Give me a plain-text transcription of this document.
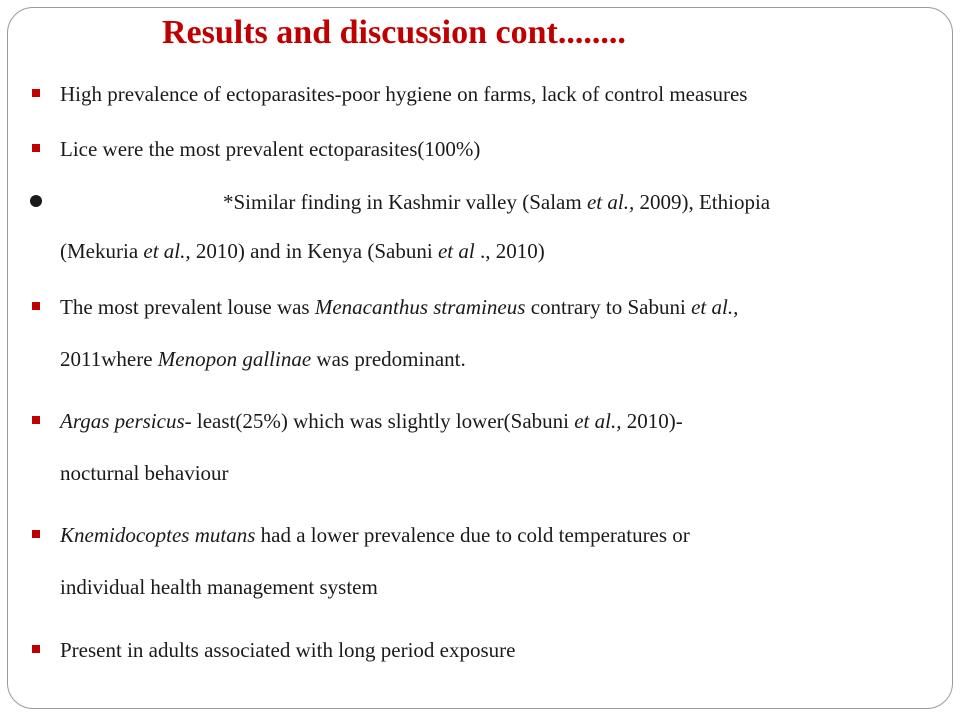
Results and discussion cont........
High prevalence of ectoparasites-poor hygiene on farms, lack of control measures
Lice were the most prevalent ectoparasites(100%)
*Similar finding in Kashmir valley (Salam et al., 2009), Ethiopia
(Mekuria et al., 2010) and in Kenya (Sabuni et al ., 2010)
The most prevalent louse was Menacanthus stramineus contrary to Sabuni et al.,
2011where Menopon gallinae was predominant.
Argas persicus- least(25%) which was slightly lower(Sabuni et al., 2010)-
nocturnal behaviour
Knemidocoptes mutans had a lower prevalence due to cold temperatures or
individual health management system
Present in adults associated with long period exposure
